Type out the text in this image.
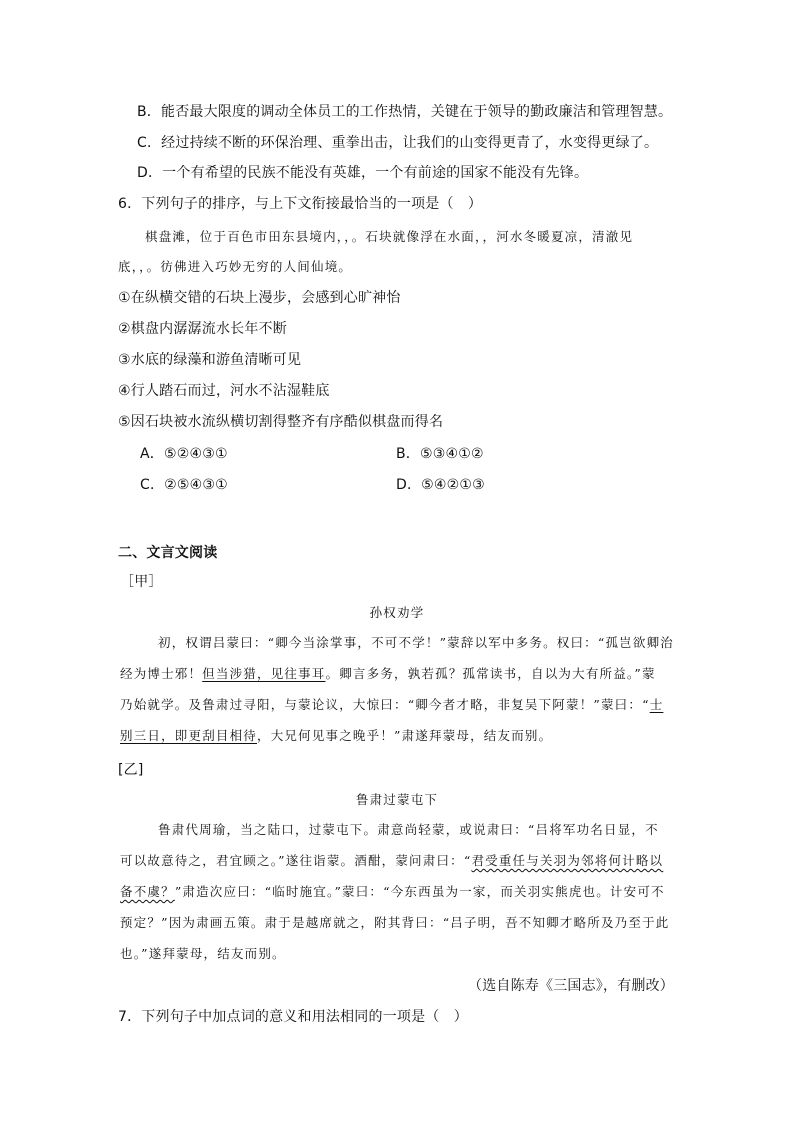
B．能否最大限度的调动全体员工的工作热情，关键在于领导的勤政廉洁和管理智慧。
C．经过持续不断的环保治理、重拳出击，让我们的山变得更青了，水变得更绿了。
D．一个有希望的民族不能没有英雄，一个有前途的国家不能没有先锋。
6．下列句子的排序，与上下文衔接最恰当的一项是（　）
棋盘滩，位于百色市田东县境内，，。石块就像浮在水面，，河水冬暖夏凉，清澈见
底，，。彷佛进入巧妙无穷的人间仙境。
①在纵横交错的石块上漫步，会感到心旷神怡
②棋盘内潺潺流水长年不断
③水底的绿藻和游鱼清晰可见
④行人踏石而过，河水不沾湿鞋底
⑤因石块被水流纵横切割得整齐有序酷似棋盘而得名
A．⑤②④③①	B．⑤③④①②
C．②⑤④③①	D．⑤④②①③
二、文言文阅读
［甲］
孙权劝学
初，权谓吕蒙曰：“卿今当涂掌事，不可不学！”蒙辞以军中多务。权曰：“孤岂欲卿治
经为博士邪！但当涉猎，见往事耳。卿言多务，孰若孤？孤常读书，自以为大有所益。”蒙
乃始就学。及鲁肃过寻阳，与蒙论议，大惊曰：“卿今者才略，非复吴下阿蒙！”蒙曰：“士
别三日，即更刮目相待，大兄何见事之晚乎！”肃遂拜蒙母，结友而别。
[乙]
鲁肃过蒙屯下
鲁肃代周瑜，当之陆口，过蒙屯下。肃意尚轻蒙，或说肃曰：“吕将军功名日显，不
可以故意待之，君宜顾之。”遂往诣蒙。酒酣，蒙问肃曰：“君受重任与关羽为邻将何计略以
备不虞？”肃造次应曰：“临时施宜。”蒙曰：“今东西虽为一家，而关羽实熊虎也。计安可不
预定？”因为肃画五策。肃于是越席就之，附其背曰：“吕子明，吾不知卿才略所及乃至于此
也。”遂拜蒙母，结友而别。
（选自陈寿《三国志》，有删改）
7．下列句子中加点词的意义和用法相同的一项是（　）
